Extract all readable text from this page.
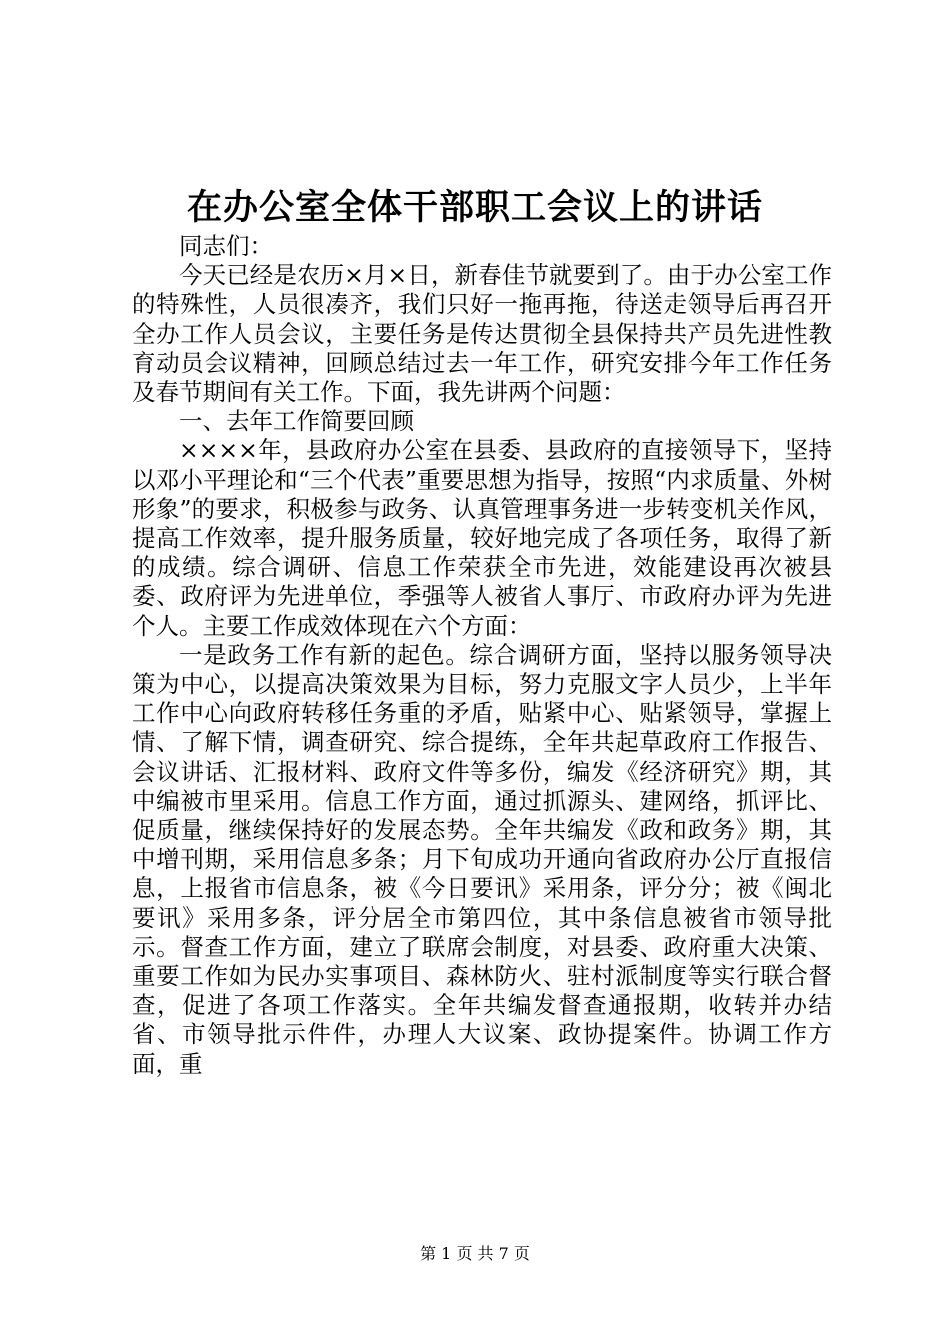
在办公室全体干部职工会议上的讲话

同志们：

今天已经是农历×月×日，新春佳节就要到了。由于办公室工作的特殊性，人员很凑齐，我们只好一拖再拖，待送走领导后再召开全办工作人员会议，主要任务是传达贯彻全县保持共产员先进性教育动员会议精神，回顾总结过去一年工作，研究安排今年工作任务及春节期间有关工作。下面，我先讲两个问题：

一、去年工作简要回顾

××××年，县政府办公室在县委、县政府的直接领导下，坚持以邓小平理论和“三个代表”重要思想为指导，按照“内求质量、外树形象”的要求，积极参与政务、认真管理事务进一步转变机关作风，提高工作效率，提升服务质量，较好地完成了各项任务，取得了新的成绩。综合调研、信息工作荣获全市先进，效能建设再次被县委、政府评为先进单位，季强等人被省人事厅、市政府办评为先进个人。主要工作成效体现在六个方面：

一是政务工作有新的起色。综合调研方面，坚持以服务领导决策为中心，以提高决策效果为目标，努力克服文字人员少，上半年工作中心向政府转移任务重的矛盾，贴紧中心、贴紧领导，掌握上情、了解下情，调查研究、综合提练，全年共起草政府工作报告、会议讲话、汇报材料、政府文件等多份，编发《经济研究》期，其中编被市里采用。信息工作方面，通过抓源头、建网络，抓评比、促质量，继续保持好的发展态势。全年共编发《政和政务》期，其中增刊期，采用信息多条；月下旬成功开通向省政府办公厅直报信息，上报省市信息条，被《今日要讯》采用条，评分分；被《闽北要讯》采用多条，评分居全市第四位，其中条信息被省市领导批示。督查工作方面，建立了联席会制度，对县委、政府重大决策、重要工作如为民办实事项目、森林防火、驻村派制度等实行联合督查，促进了各项工作落实。全年共编发督查通报期，收转并办结省、市领导批示件件，办理人大议案、政协提案件。协调工作方面，重

第 1 页 共 7 页
